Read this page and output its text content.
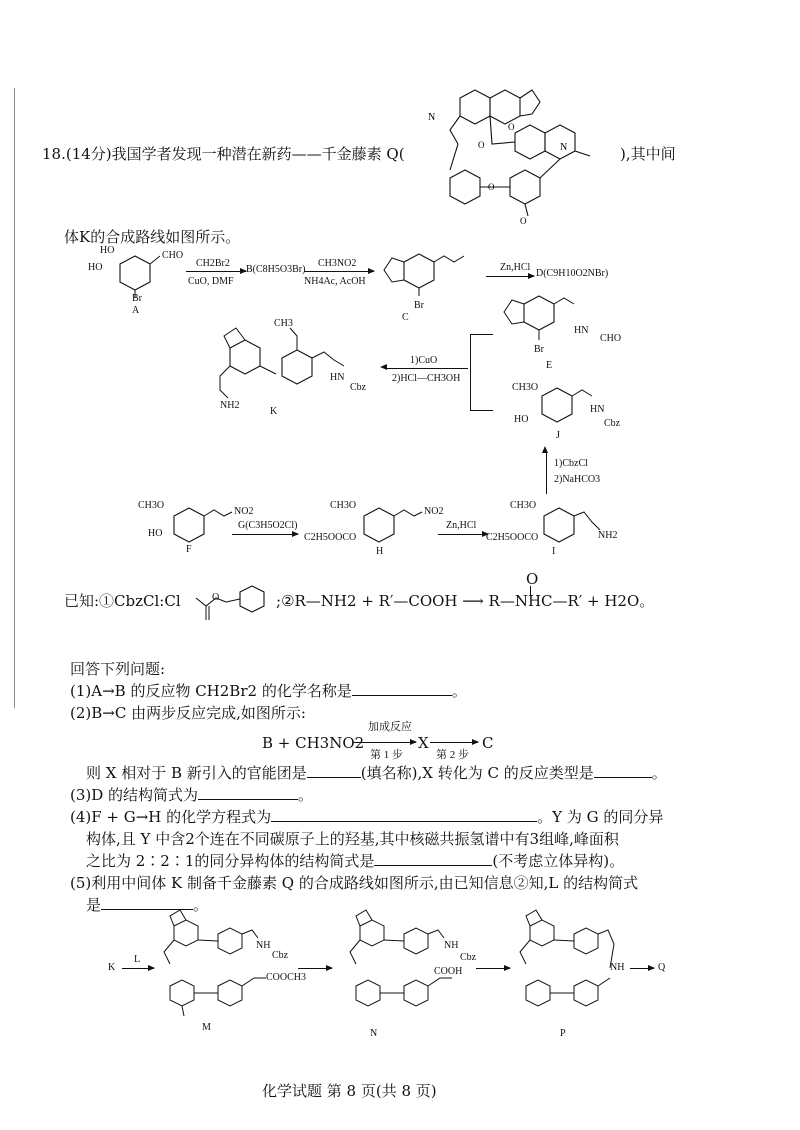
18.(14分)我国学者发现一种潜在新药——千金藤素 Q(
N
N
O
O
O
O
),其中间
体K的合成路线如图所示。
HO
HO
CHO
Br
A
CH2Br2
CuO, DMF
B(C8H5O3Br)
CH3NO2
NH4Ac, AcOH
Br
C
Zn,HCl
D(C9H10O2NBr)
HN
CHO
Br
E
CH3O
HO
HN
Cbz
J
1)CuO
2)HCl—CH3OH
CH3
HN
Cbz
NH2
K
1)CbzCl
2)NaHCO3
CH3O
HO
NO2
F
G(C3H5O2Cl)
CH3O
C2H5OOCO
NO2
H
Zn,HCl
CH3O
C2H5OOCO	NH2
I
已知:①CbzCl:Cl	O	;②R—NH2 + R′—COOH ⟶ R—NHC—R′ + H2O。
O
回答下列问题:
(1)A→B 的反应物 CH2Br2 的化学名称是	。
(2)B→C 由两步反应完成,如图所示:
B + CH3NO2
加成反应
第 1 步
X
第 2 步
C
则 X 相对于 B 新引入的官能团是	(填名称),X 转化为 C 的反应类型是	。
(3)D 的结构简式为	。
(4)F + G→H 的化学方程式为	。Y 为 G 的同分异
构体,且 Y 中含2个连在不同碳原子上的羟基,其中核磁共振氢谱中有3组峰,峰面积
之比为 2∶2∶1的同分异构体的结构简式是	(不考虑立体异构)。
(5)利用中间体 K 制备千金藤素 Q 的合成路线如图所示,由已知信息②知,L 的结构简式
是	。
K
L
NH
Cbz
COOCH3
M
NH
Cbz
COOH
N
NH
P
Q
化学试题 第 8 页(共 8 页)
